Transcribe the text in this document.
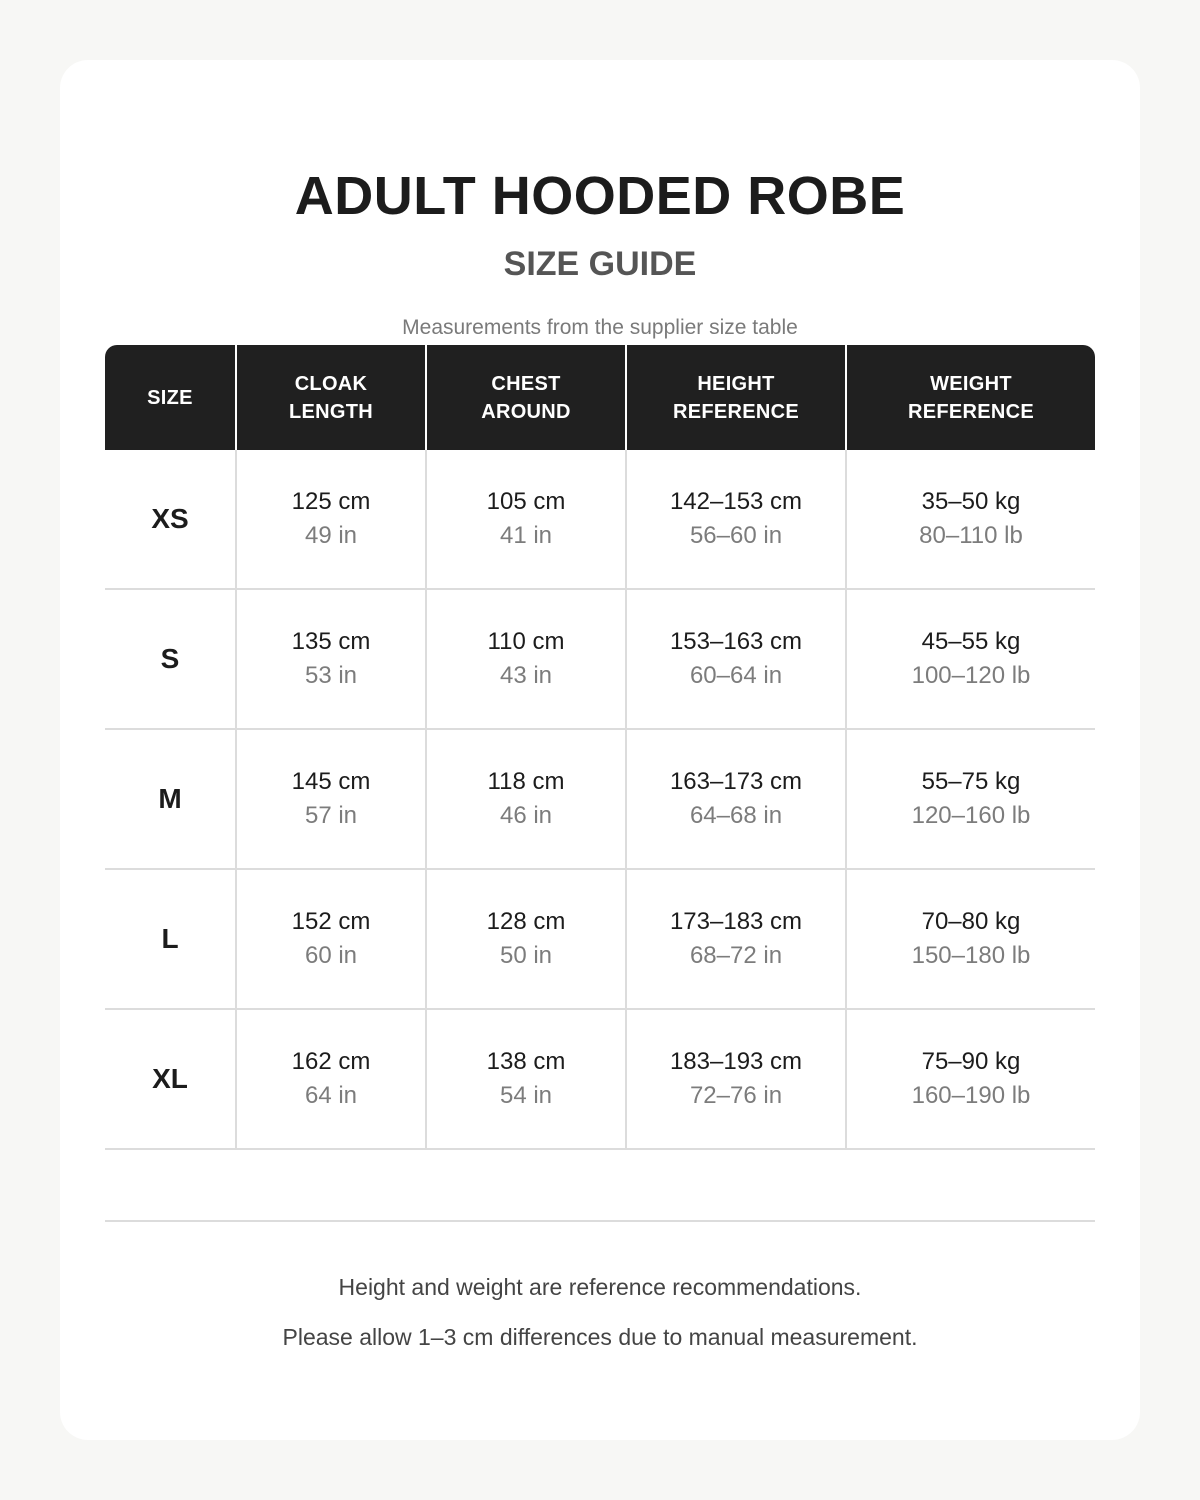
ADULT HOODED ROBE
SIZE GUIDE
Measurements from the supplier size table
SIZE
CLOAK
LENGTH
CHEST
AROUND
HEIGHT
REFERENCE
WEIGHT
REFERENCE
XS
125 cm
49 in
105 cm
41 in
142–153 cm
56–60 in
35–50 kg
80–110 lb
S
135 cm
53 in
110 cm
43 in
153–163 cm
60–64 in
45–55 kg
100–120 lb
M
145 cm
57 in
118 cm
46 in
163–173 cm
64–68 in
55–75 kg
120–160 lb
L
152 cm
60 in
128 cm
50 in
173–183 cm
68–72 in
70–80 kg
150–180 lb
XL
162 cm
64 in
138 cm
54 in
183–193 cm
72–76 in
75–90 kg
160–190 lb
Height and weight are reference recommendations.
Please allow 1–3 cm differences due to manual measurement.
